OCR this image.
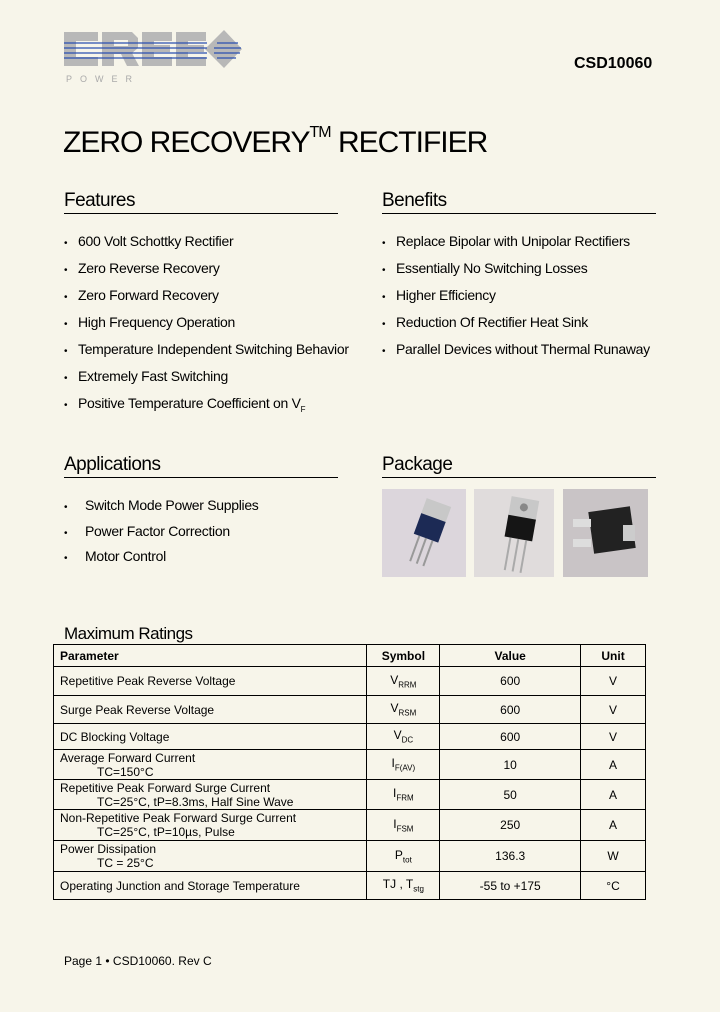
POWER
CSD10060
ZERO RECOVERY™ RECTIFIER
Features
• 600 Volt Schottky Rectifier
• Zero Reverse Recovery
• Zero Forward Recovery
• High Frequency Operation
• Temperature Independent Switching Behavior
• Extremely Fast Switching
• Positive Temperature Coefficient on $V_F$
Benefits
• Replace Bipolar with Unipolar Rectifiers
• Essentially No Switching Losses
• Higher Efficiency
• Reduction Of Rectifier Heat Sink
• Parallel Devices without Thermal Runaway
Applications
• Switch Mode Power Supplies
• Power Factor Correction
• Motor Control
Package
Maximum Ratings
Parameter	Symbol	Value	Unit
Repetitive Peak Reverse Voltage	$V_{RRM}$	600	V
Surge Peak Reverse Voltage	$V_{RSM}$	600	V
DC Blocking Voltage	$V_{DC}$	600	V
Average Forward Current
TC=150°C	$I_{F(AV)}$	10	A
Repetitive Peak Forward Surge Current
TC=25°C, tP=8.3ms, Half Sine Wave	$I_{FRM}$	50	A
Non-Repetitive Peak Forward Surge Current
TC=25°C, tP=10µs, Pulse	$I_{FSM}$	250	A
Power Dissipation
TC = 25°C	$P_{tot}$	136.3	W
Operating Junction and Storage Temperature	TJ , $T_{stg}$	-55 to +175	°C
Page 1 • CSD10060. Rev C
